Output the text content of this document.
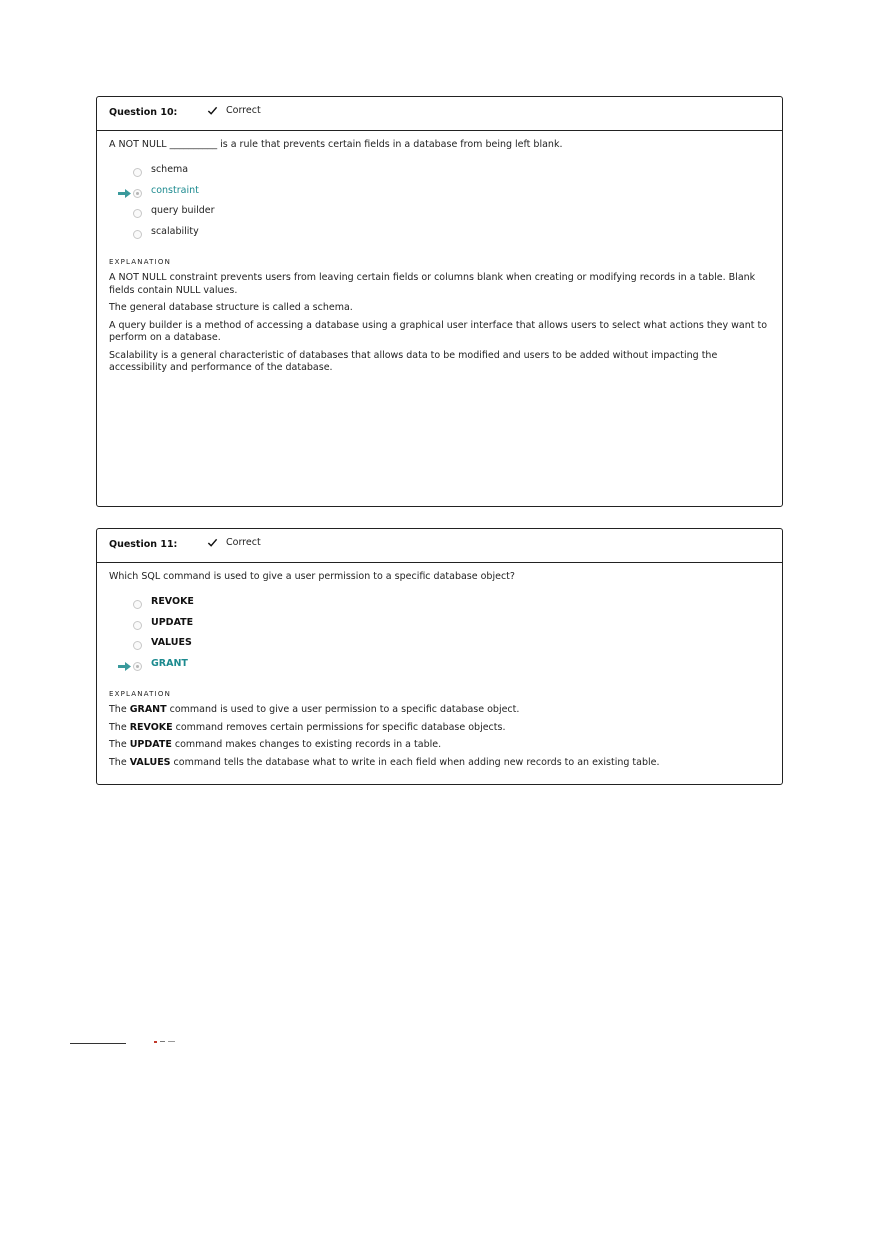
Question 10:	Correct

A NOT NULL __________ is a rule that prevents certain fields in a database from being left blank.

schema
constraint
query builder
scalability
EXPLANATION

A NOT NULL constraint prevents users from leaving certain fields or columns blank when creating or modifying records in a table. Blank fields contain NULL values.

The general database structure is called a schema.

A query builder is a method of accessing a database using a graphical user interface that allows users to select what actions they want to perform on a database.

Scalability is a general characteristic of databases that allows data to be modified and users to be added without impacting the accessibility and performance of the database.

Question 11:	Correct

Which SQL command is used to give a user permission to a specific database object?

REVOKE
UPDATE
VALUES
GRANT
EXPLANATION

The GRANT command is used to give a user permission to a specific database object.

The REVOKE command removes certain permissions for specific database objects.

The UPDATE command makes changes to existing records in a table.

The VALUES command tells the database what to write in each field when adding new records to an existing table.
